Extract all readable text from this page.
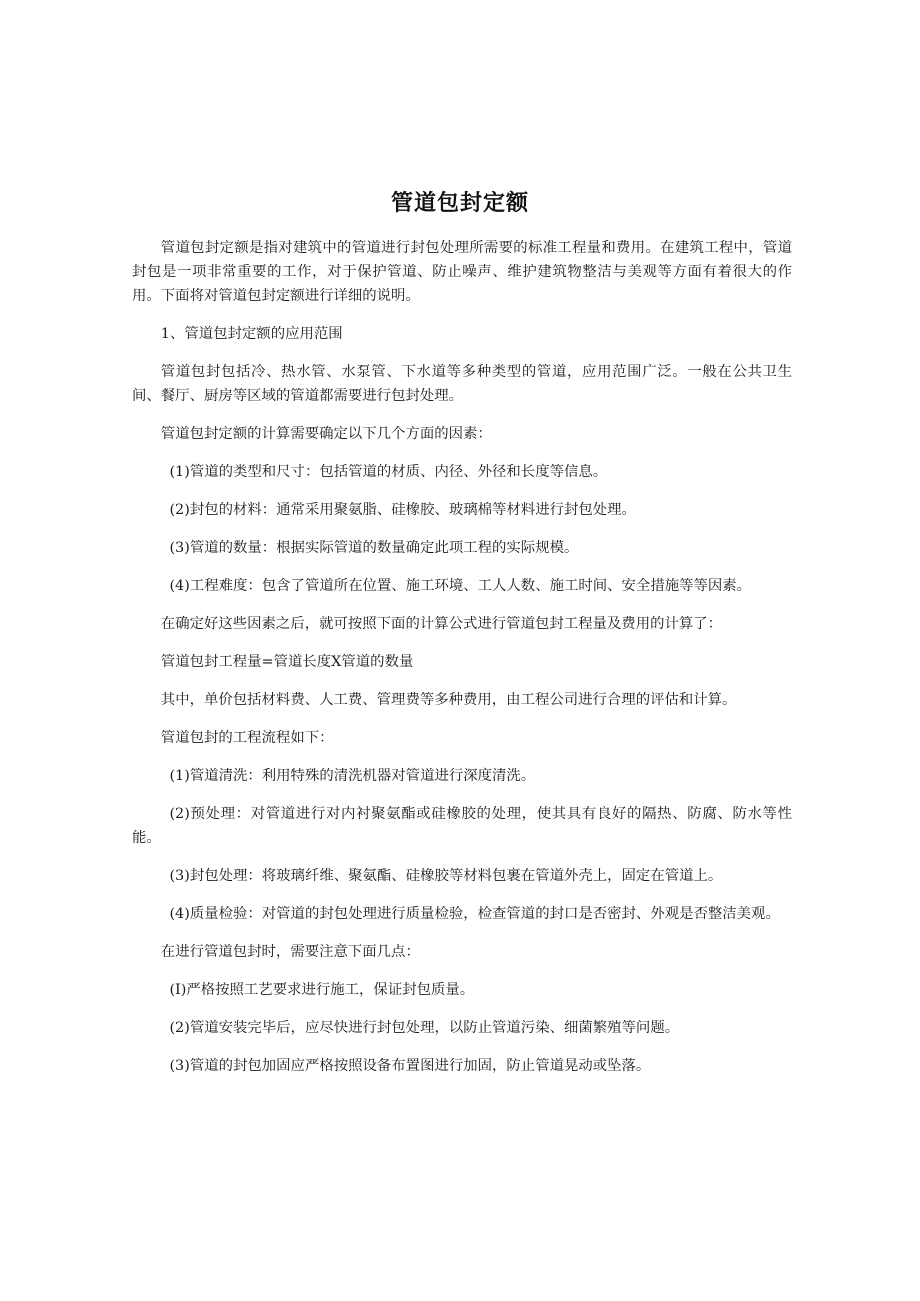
管道包封定额

管道包封定额是指对建筑中的管道进行封包处理所需要的标准工程量和费用。在建筑工程中，管道封包是一项非常重要的工作，对于保护管道、防止噪声、维护建筑物整洁与美观等方面有着很大的作用。下面将对管道包封定额进行详细的说明。

1、管道包封定额的应用范围

管道包封包括冷、热水管、水泵管、下水道等多种类型的管道，应用范围广泛。一般在公共卫生间、餐厅、厨房等区域的管道都需要进行包封处理。

管道包封定额的计算需要确定以下几个方面的因素：

(1)管道的类型和尺寸：包括管道的材质、内径、外径和长度等信息。

(2)封包的材料：通常采用聚氨脂、硅橡胶、玻璃棉等材料进行封包处理。

(3)管道的数量：根据实际管道的数量确定此项工程的实际规模。

(4)工程难度：包含了管道所在位置、施工环境、工人人数、施工时间、安全措施等等因素。

在确定好这些因素之后，就可按照下面的计算公式进行管道包封工程量及费用的计算了：

管道包封工程量=管道长度X管道的数量

其中，单价包括材料费、人工费、管理费等多种费用，由工程公司进行合理的评估和计算。

管道包封的工程流程如下：

(1)管道清洗：利用特殊的清洗机器对管道进行深度清洗。

(2)预处理：对管道进行对内衬聚氨酯或硅橡胶的处理，使其具有良好的隔热、防腐、防水等性能。

(3)封包处理：将玻璃纤维、聚氨酯、硅橡胶等材料包裹在管道外壳上，固定在管道上。

(4)质量检验：对管道的封包处理进行质量检验，检查管道的封口是否密封、外观是否整洁美观。

在进行管道包封时，需要注意下面几点：

(I)严格按照工艺要求进行施工，保证封包质量。

(2)管道安装完毕后，应尽快进行封包处理，以防止管道污染、细菌繁殖等问题。

(3)管道的封包加固应严格按照设备布置图进行加固，防止管道晃动或坠落。
